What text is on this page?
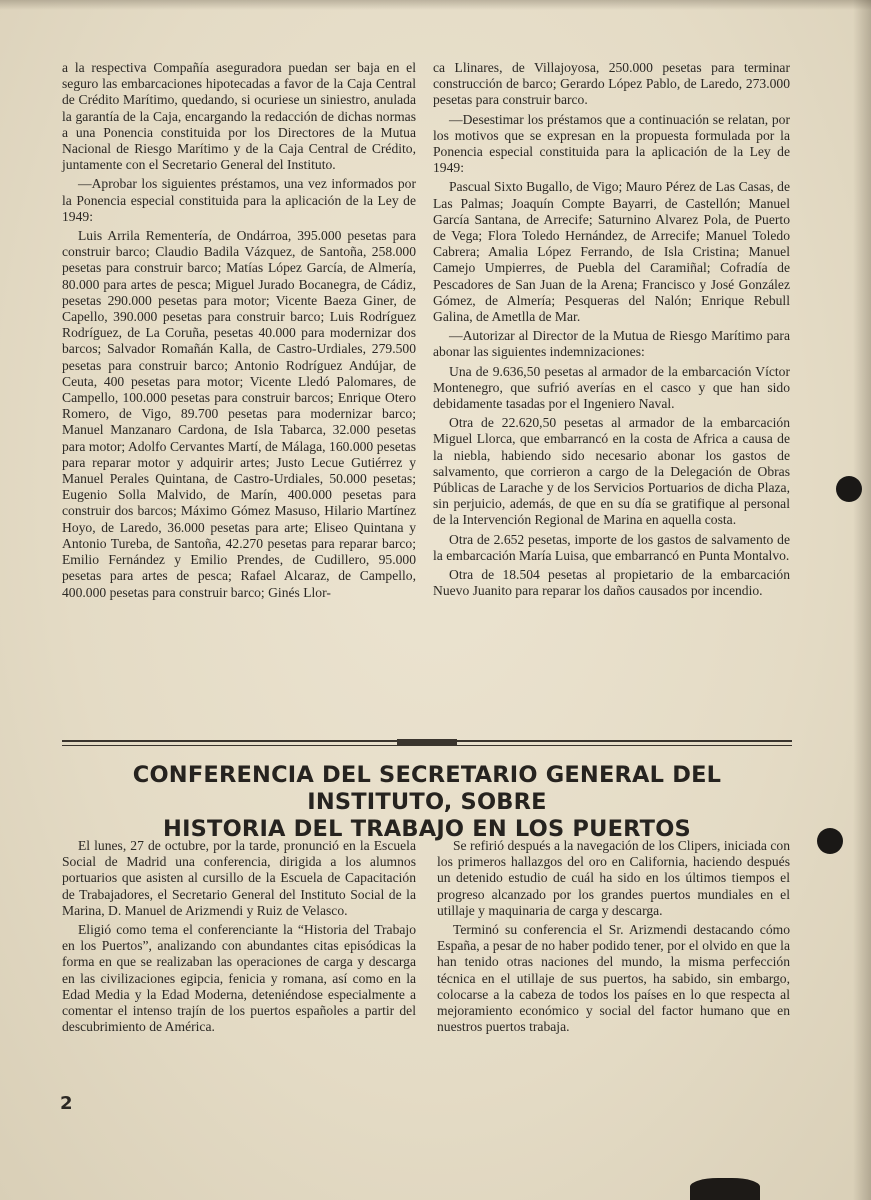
a la respectiva Compañía aseguradora puedan ser baja en el seguro las embarcaciones hipotecadas a favor de la Caja Central de Crédito Marítimo, quedando, si ocuriese un siniestro, anulada la garantía de la Caja, encargando la redacción de dichas normas a una Ponencia constituida por los Directores de la Mutua Nacional de Riesgo Marítimo y de la Caja Central de Crédito, juntamente con el Secretario General del Instituto.

—Aprobar los siguientes préstamos, una vez informados por la Ponencia especial constituida para la aplicación de la Ley de 1949:

Luis Arrila Rementería, de Ondárroa, 395.000 pesetas para construir barco; Claudio Badila Vázquez, de Santoña, 258.000 pesetas para construir barco; Matías López García, de Almería, 80.000 para artes de pesca; Miguel Jurado Bocanegra, de Cádiz, pesetas 290.000 pesetas para motor; Vicente Baeza Giner, de Capello, 390.000 pesetas para construir barco; Luis Rodríguez Rodríguez, de La Coruña, pesetas 40.000 para modernizar dos barcos; Salvador Romañán Kalla, de Castro-Urdiales, 279.500 pesetas para construir barco; Antonio Rodríguez Andújar, de Ceuta, 400 pesetas para motor; Vicente Lledó Palomares, de Campello, 100.000 pesetas para construir barcos; Enrique Otero Romero, de Vigo, 89.700 pesetas para modernizar barco; Manuel Manzanaro Cardona, de Isla Tabarca, 32.000 pesetas para motor; Adolfo Cervantes Martí, de Málaga, 160.000 pesetas para reparar motor y adquirir artes; Justo Lecue Gutiérrez y Manuel Perales Quintana, de Castro-Urdiales, 50.000 pesetas; Eugenio Solla Malvido, de Marín, 400.000 pesetas para construir dos barcos; Máximo Gómez Masuso, Hilario Martínez Hoyo, de Laredo, 36.000 pesetas para arte; Eliseo Quintana y Antonio Tureba, de Santoña, 42.270 pesetas para reparar barco; Emilio Fernández y Emilio Prendes, de Cudillero, 95.000 pesetas para artes de pesca; Rafael Alcaraz, de Campello, 400.000 pesetas para construir barco; Ginés Llor-

ca Llinares, de Villajoyosa, 250.000 pesetas para terminar construcción de barco; Gerardo López Pablo, de Laredo, 273.000 pesetas para construir barco.

—Desestimar los préstamos que a continuación se relatan, por los motivos que se expresan en la propuesta formulada por la Ponencia especial constituida para la aplicación de la Ley de 1949:

Pascual Sixto Bugallo, de Vigo; Mauro Pérez de Las Casas, de Las Palmas; Joaquín Compte Bayarri, de Castellón; Manuel García Santana, de Arrecife; Saturnino Alvarez Pola, de Puerto de Vega; Flora Toledo Hernández, de Arrecife; Manuel Toledo Cabrera; Amalia López Ferrando, de Isla Cristina; Manuel Camejo Umpierres, de Puebla del Caramiñal; Cofradía de Pescadores de San Juan de la Arena; Francisco y José González Gómez, de Almería; Pesqueras del Nalón; Enrique Rebull Galina, de Ametlla de Mar.

—Autorizar al Director de la Mutua de Riesgo Marítimo para abonar las siguientes indemnizaciones:

Una de 9.636,50 pesetas al armador de la embarcación Víctor Montenegro, que sufrió averías en el casco y que han sido debidamente tasadas por el Ingeniero Naval.

Otra de 22.620,50 pesetas al armador de la embarcación Miguel Llorca, que embarrancó en la costa de Africa a causa de la niebla, habiendo sido necesario abonar los gastos de salvamento, que corrieron a cargo de la Delegación de Obras Públicas de Larache y de los Servicios Portuarios de dicha Plaza, sin perjuicio, además, de que en su día se gratifique al personal de la Intervención Regional de Marina en aquella costa.

Otra de 2.652 pesetas, importe de los gastos de salvamento de la embarcación María Luisa, que embarrancó en Punta Montalvo.

Otra de 18.504 pesetas al propietario de la embarcación Nuevo Juanito para reparar los daños causados por incendio.

CONFERENCIA DEL SECRETARIO GENERAL DEL INSTITUTO, SOBRE
HISTORIA DEL TRABAJO EN LOS PUERTOS

El lunes, 27 de octubre, por la tarde, pronunció en la Escuela Social de Madrid una conferencia, dirigida a los alumnos portuarios que asisten al cursillo de la Escuela de Capacitación de Trabajadores, el Secretario General del Instituto Social de la Marina, D. Manuel de Arizmendi y Ruiz de Velasco.

Eligió como tema el conferenciante la “Historia del Trabajo en los Puertos”, analizando con abundantes citas episódicas la forma en que se realizaban las operaciones de carga y descarga en las civilizaciones egipcia, fenicia y romana, así como en la Edad Media y la Edad Moderna, deteniéndose especialmente a comentar el intenso trajín de los puertos españoles a partir del descubrimiento de América.

Se refirió después a la navegación de los Clipers, iniciada con los primeros hallazgos del oro en California, haciendo después un detenido estudio de cuál ha sido en los últimos tiempos el progreso alcanzado por los grandes puertos mundiales en el utillaje y maquinaria de carga y descarga.

Terminó su conferencia el Sr. Arizmendi destacando cómo España, a pesar de no haber podido tener, por el olvido en que la han tenido otras naciones del mundo, la misma perfección técnica en el utillaje de sus puertos, ha sabido, sin embargo, colocarse a la cabeza de todos los países en lo que respecta al mejoramiento económico y social del factor humano que en nuestros puertos trabaja.

2
